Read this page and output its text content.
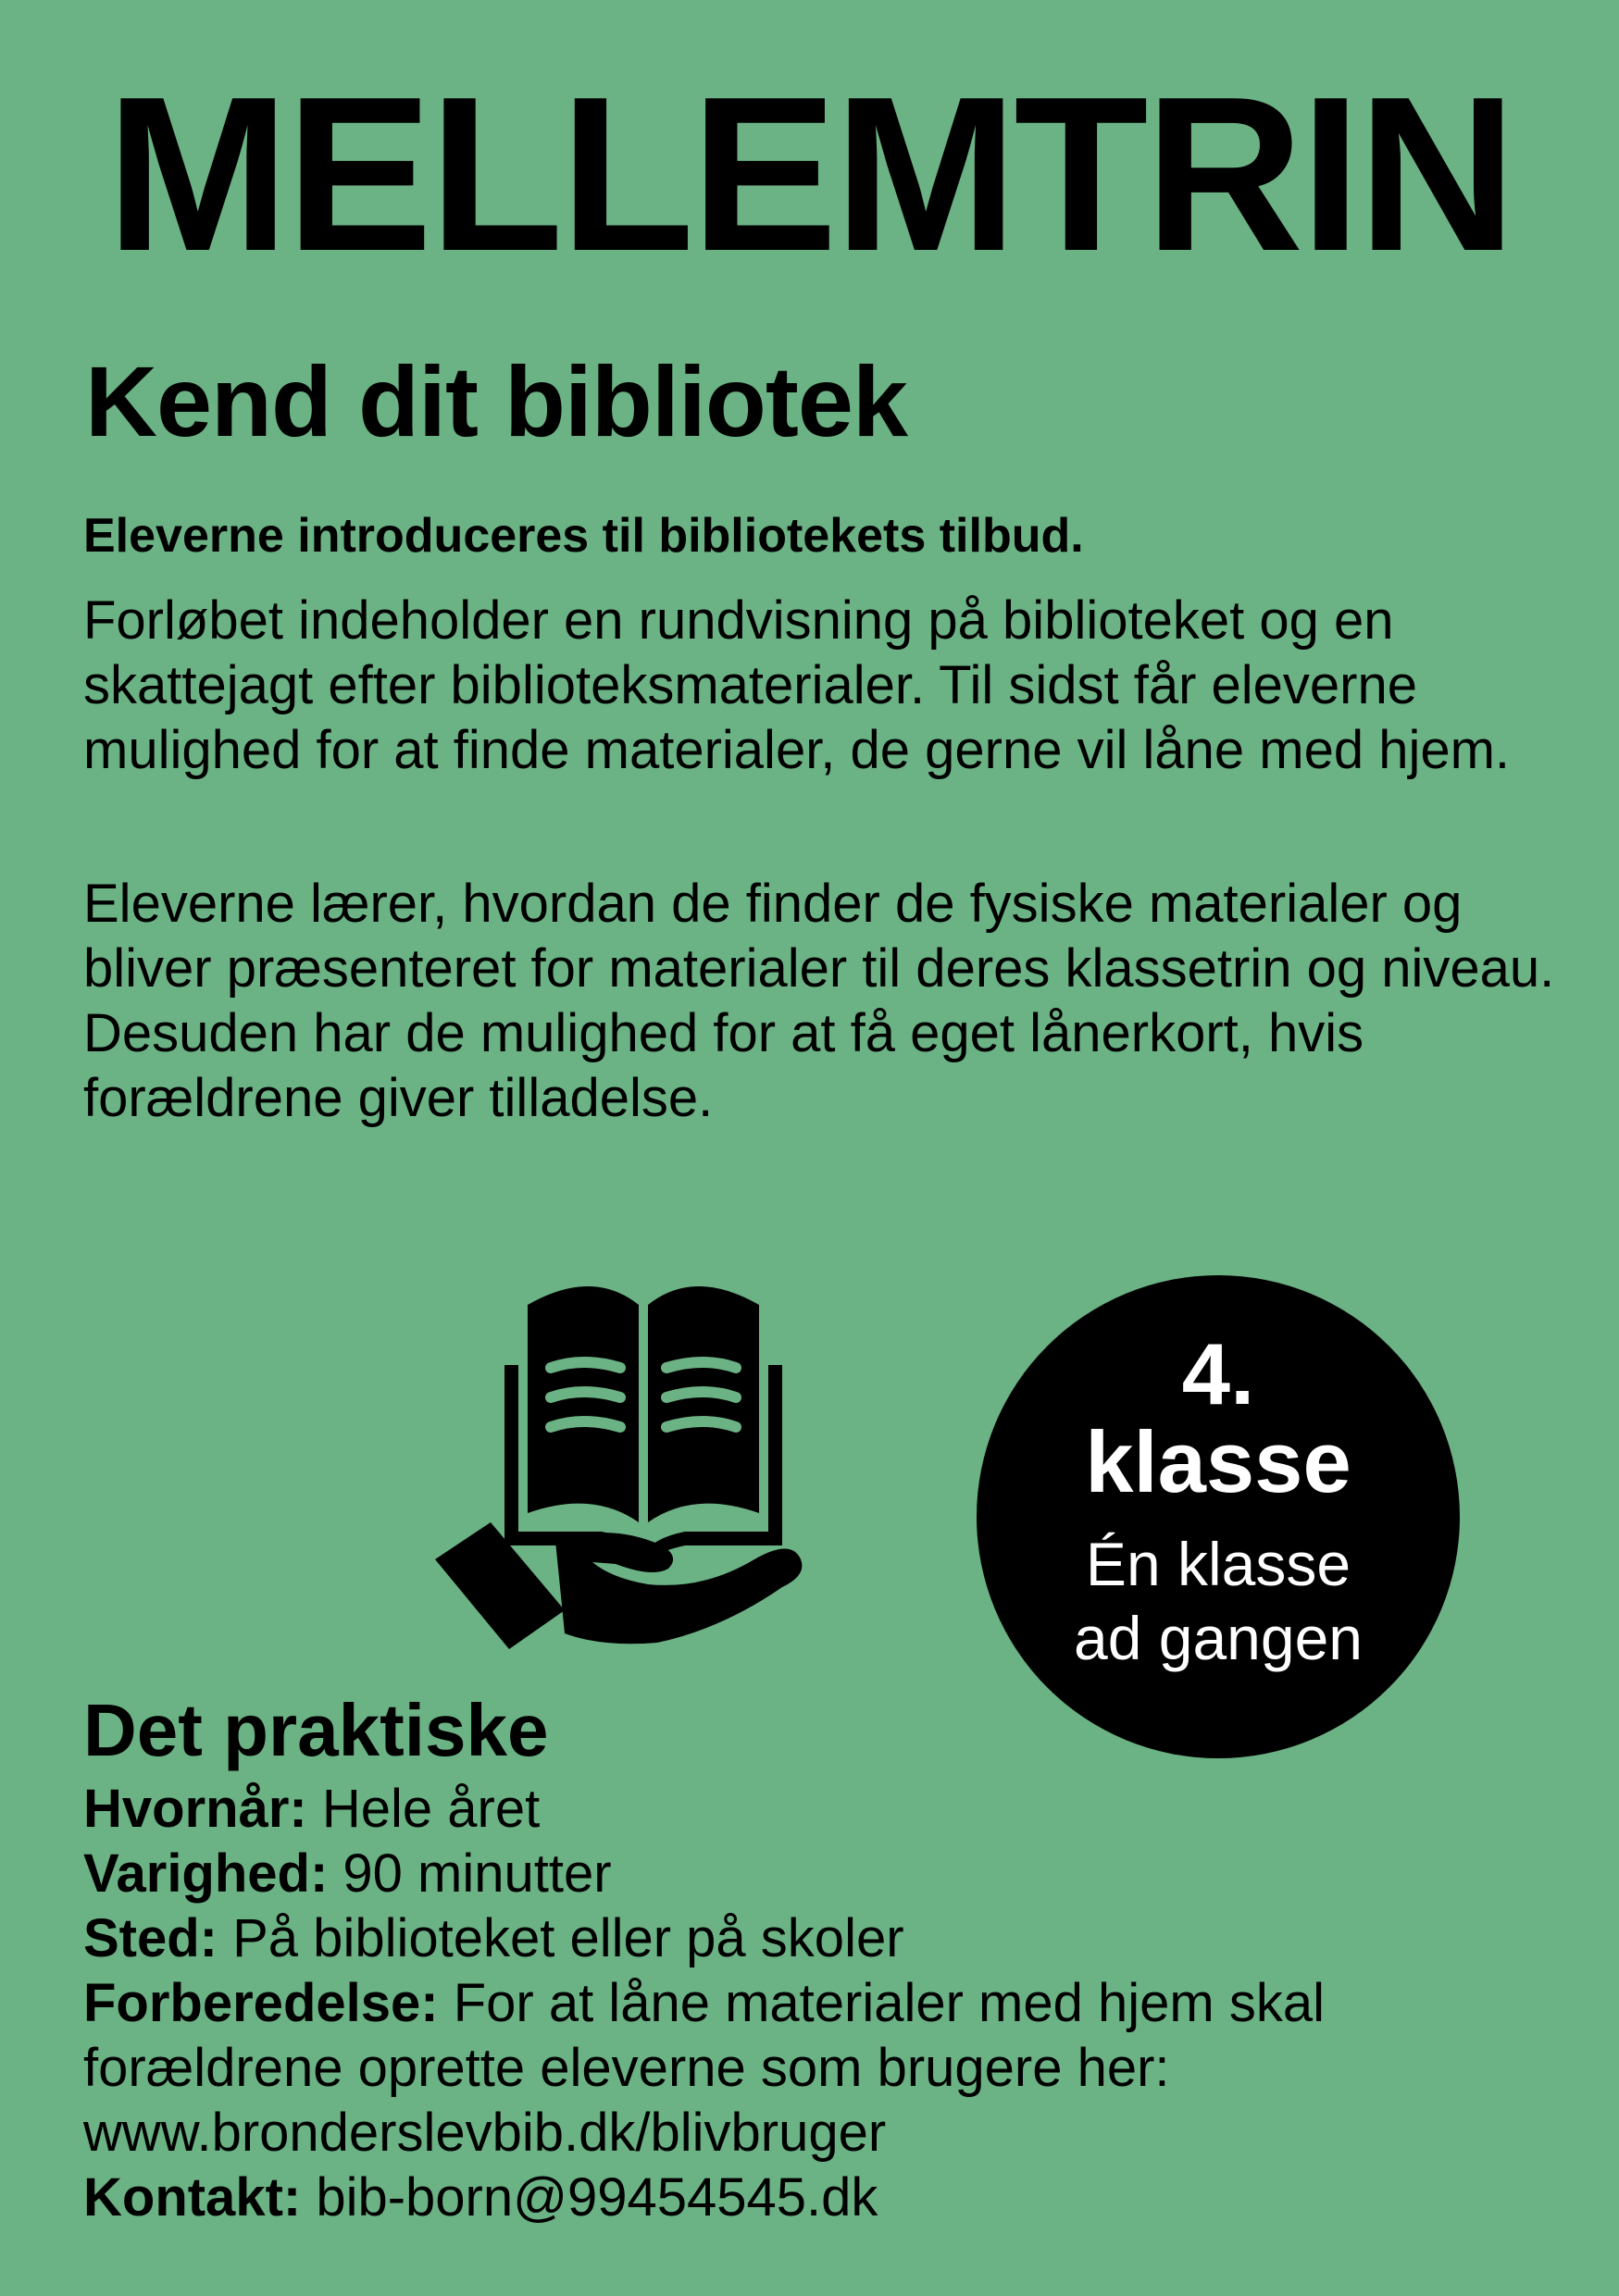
MELLEMTRIN
Kend dit bibliotek
Eleverne introduceres til bibliotekets tilbud.
Forløbet indeholder en rundvisning på biblioteket og en skattejagt efter biblioteksmaterialer. Til sidst får eleverne mulighed for at finde materialer, de gerne vil låne med hjem.
Eleverne lærer, hvordan de finder de fysiske materialer og bliver præsenteret for materialer til deres klassetrin og niveau. Desuden har de mulighed for at få eget lånerkort, hvis forældrene giver tilladelse.
4.
klasse
Én klasse ad gangen
Det praktiske
Hvornår: Hele året
Varighed: 90 minutter
Sted: På biblioteket eller på skoler
Forberedelse: For at låne materialer med hjem skal
forældrene oprette eleverne som brugere her:
www.bronderslevbib.dk/blivbruger
Kontakt: bib-born@99454545.dk
